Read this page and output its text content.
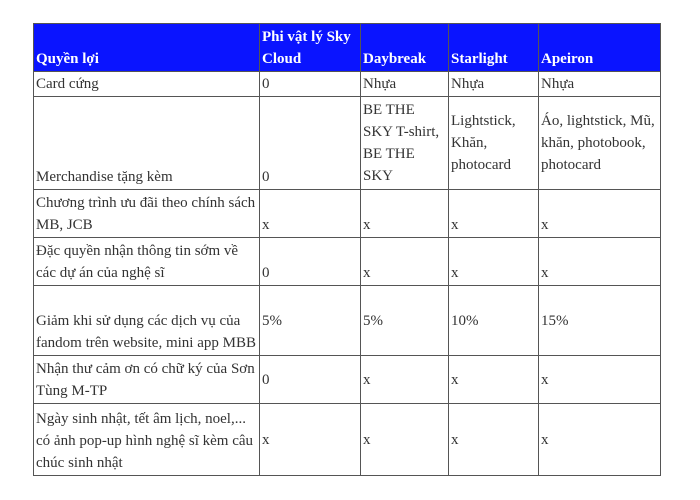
Quyền lợi	Phi vật lý Sky Cloud	Daybreak	Starlight	Apeiron
Card cứng	0	Nhựa	Nhựa	Nhựa
Merchandise tặng kèm	0	BE THE SKY T-shirt, BE THE SKY	Lightstick, Khăn, photocard	Áo, lightstick, Mũ, khăn, photobook, photocard
Chương trình ưu đãi theo chính sách MB, JCB	x	x	x	x
Đặc quyền nhận thông tin sớm về các dự án của nghệ sĩ	0	x	x	x
Giảm khi sử dụng các dịch vụ của fandom trên website, mini app MBB	5%	5%	10%	15%
Nhận thư cảm ơn có chữ ký của Sơn Tùng M-TP	0	x	x	x
Ngày sinh nhật, tết âm lịch, noel,... có ảnh pop-up hình nghệ sĩ kèm câu chúc sinh nhật	x	x	x	x
